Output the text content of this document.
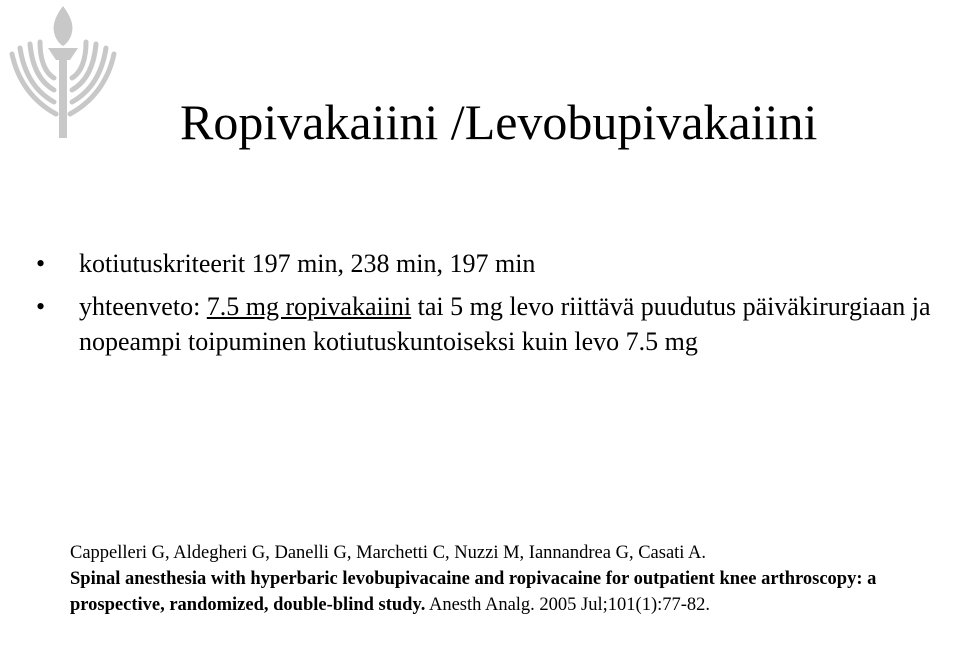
Ropivakaiini /Levobupivakaiini
• kotiutuskriteerit 197 min, 238 min, 197 min
• yhteenveto: 7.5 mg ropivakaiini tai 5 mg levo riittävä puudutus päiväkirurgiaan ja nopeampi toipuminen kotiutuskuntoiseksi kuin levo 7.5 mg
Cappelleri G, Aldegheri G, Danelli G, Marchetti C, Nuzzi M, Iannandrea G, Casati A.
Spinal anesthesia with hyperbaric levobupivacaine and ropivacaine for outpatient knee arthroscopy: a prospective, randomized, double-blind study. Anesth Analg. 2005 Jul;101(1):77-82.
